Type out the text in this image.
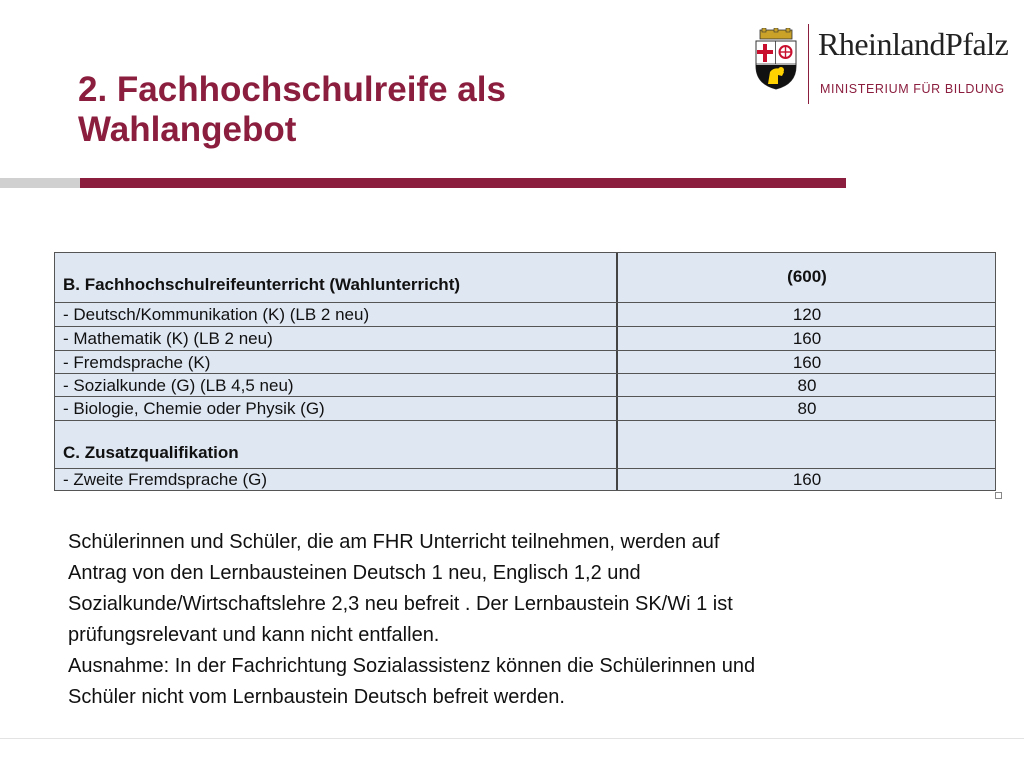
2. Fachhochschulreife als
Wahlangebot
RheinlandPfalz
MINISTERIUM FÜR BILDUNG
B. Fachhochschulreifeunterricht (Wahlunterricht)	(600)
- Deutsch/Kommunikation (K) (LB 2 neu)	120
- Mathematik (K) (LB 2 neu)	160
- Fremdsprache (K)	160
- Sozialkunde (G) (LB 4,5 neu)	80
- Biologie, Chemie oder Physik (G)	80
C. Zusatzqualifikation
- Zweite Fremdsprache (G)	160
Schülerinnen und Schüler, die am FHR Unterricht teilnehmen, werden auf
Antrag von den Lernbausteinen Deutsch 1 neu, Englisch 1,2 und
Sozialkunde/Wirtschaftslehre 2,3 neu befreit . Der Lernbaustein SK/Wi 1 ist
prüfungsrelevant und kann nicht entfallen.
Ausnahme: In der Fachrichtung Sozialassistenz können die Schülerinnen und
Schüler nicht vom Lernbaustein Deutsch befreit werden.
